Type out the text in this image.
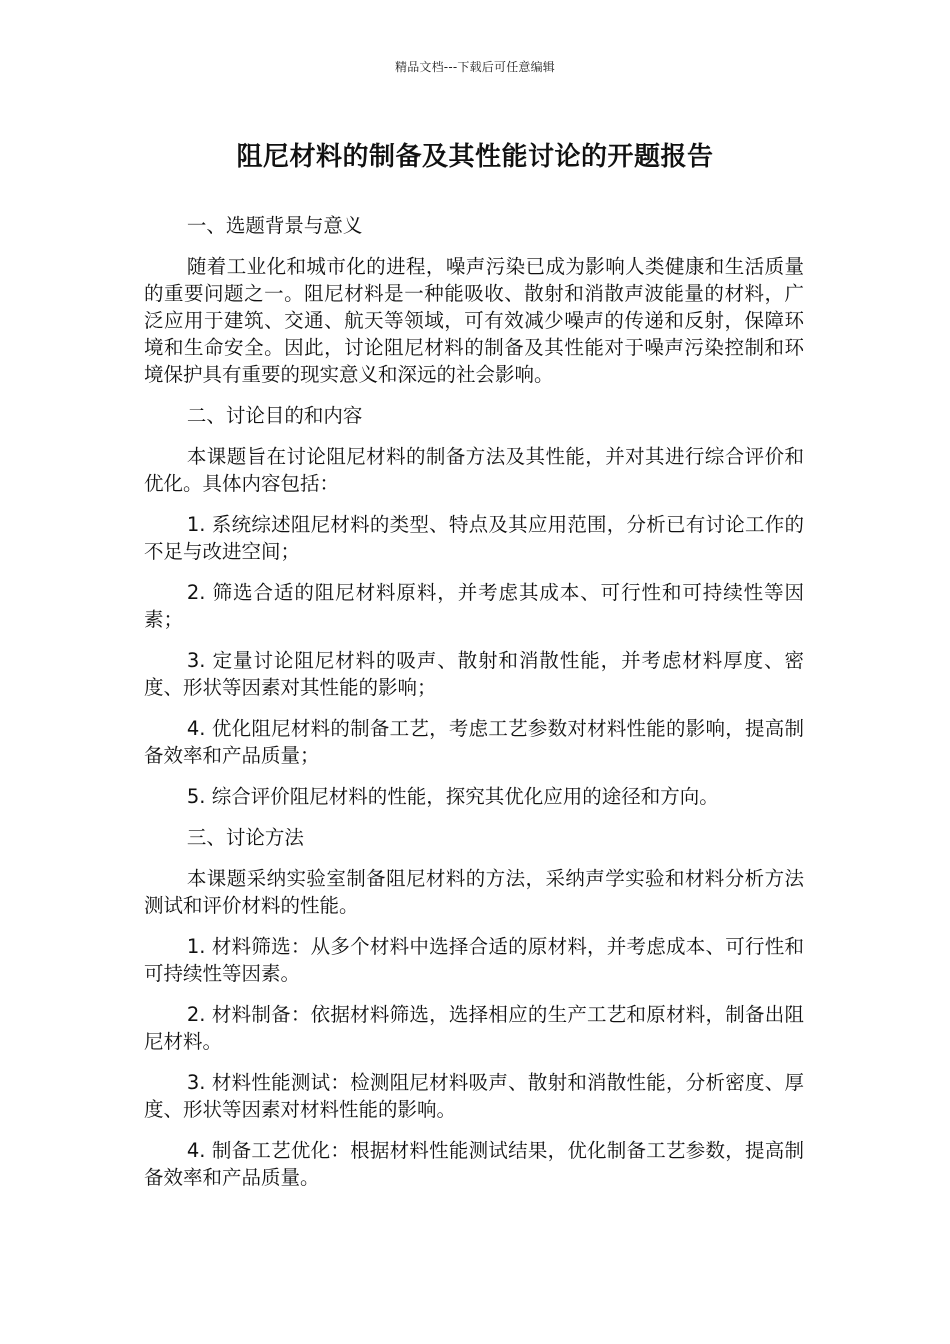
精品文档---下载后可任意编辑
阻尼材料的制备及其性能讨论的开题报告

一、选题背景与意义

随着工业化和城市化的进程，噪声污染已成为影响人类健康和生活质量的重要问题之一。阻尼材料是一种能吸收、散射和消散声波能量的材料，广泛应用于建筑、交通、航天等领域，可有效减少噪声的传递和反射，保障环境和生命安全。因此，讨论阻尼材料的制备及其性能对于噪声污染控制和环境保护具有重要的现实意义和深远的社会影响。

二、讨论目的和内容

本课题旨在讨论阻尼材料的制备方法及其性能，并对其进行综合评价和优化。具体内容包括：

1. 系统综述阻尼材料的类型、特点及其应用范围，分析已有讨论工作的不足与改进空间；

2. 筛选合适的阻尼材料原料，并考虑其成本、可行性和可持续性等因素；

3. 定量讨论阻尼材料的吸声、散射和消散性能，并考虑材料厚度、密度、形状等因素对其性能的影响；

4. 优化阻尼材料的制备工艺，考虑工艺参数对材料性能的影响，提高制备效率和产品质量；

5. 综合评价阻尼材料的性能，探究其优化应用的途径和方向。

三、讨论方法

本课题采纳实验室制备阻尼材料的方法，采纳声学实验和材料分析方法测试和评价材料的性能。

1. 材料筛选：从多个材料中选择合适的原材料，并考虑成本、可行性和可持续性等因素。

2. 材料制备：依据材料筛选，选择相应的生产工艺和原材料，制备出阻尼材料。

3. 材料性能测试：检测阻尼材料吸声、散射和消散性能，分析密度、厚度、形状等因素对材料性能的影响。

4. 制备工艺优化：根据材料性能测试结果，优化制备工艺参数，提高制备效率和产品质量。
